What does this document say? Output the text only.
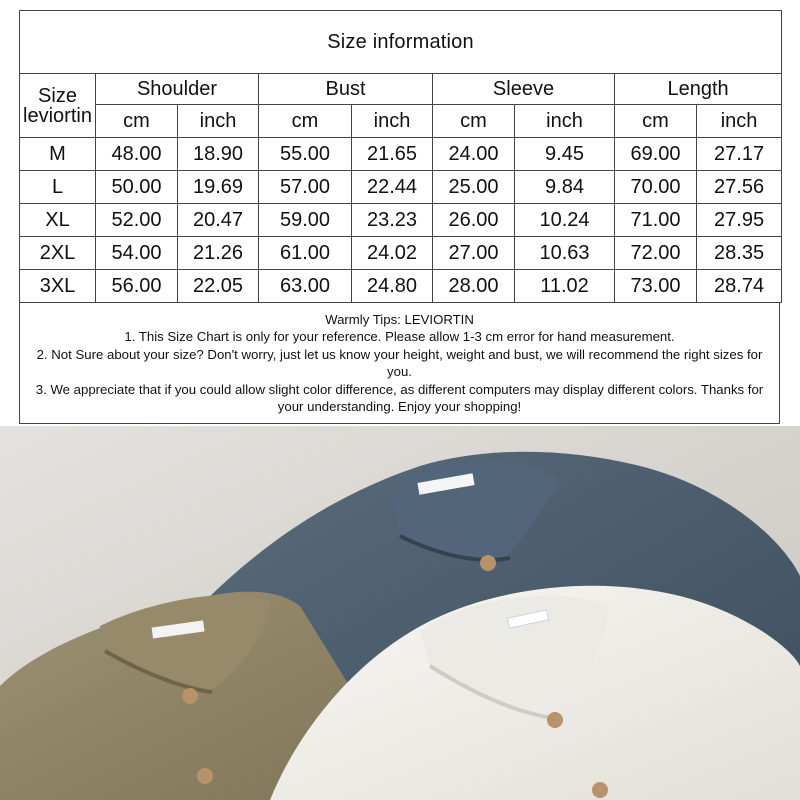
Size information								

Size
leviortin	Shoulder		Bust		Sleeve		Length	
	cm	inch	cm	inch	cm	inch	cm	inch
M	48.00	18.90	55.00	21.65	24.00	9.45	69.00	27.17
L	50.00	19.69	57.00	22.44	25.00	9.84	70.00	27.56
XL	52.00	20.47	59.00	23.23	26.00	10.24	71.00	27.95
2XL	54.00	21.26	61.00	24.02	27.00	10.63	72.00	28.35
3XL	56.00	22.05	63.00	24.80	28.00	11.02	73.00	28.74
Warmly Tips: LEVIORTIN
1. This Size Chart is only for your reference. Please allow 1-3 cm error for hand measurement.
2. Not Sure about your size? Don't worry, just let us know your height, weight and bust, we will recommend the right sizes for you.
3. We appreciate that if you could allow slight color difference, as different computers may display different colors. Thanks for your understanding. Enjoy your shopping!
